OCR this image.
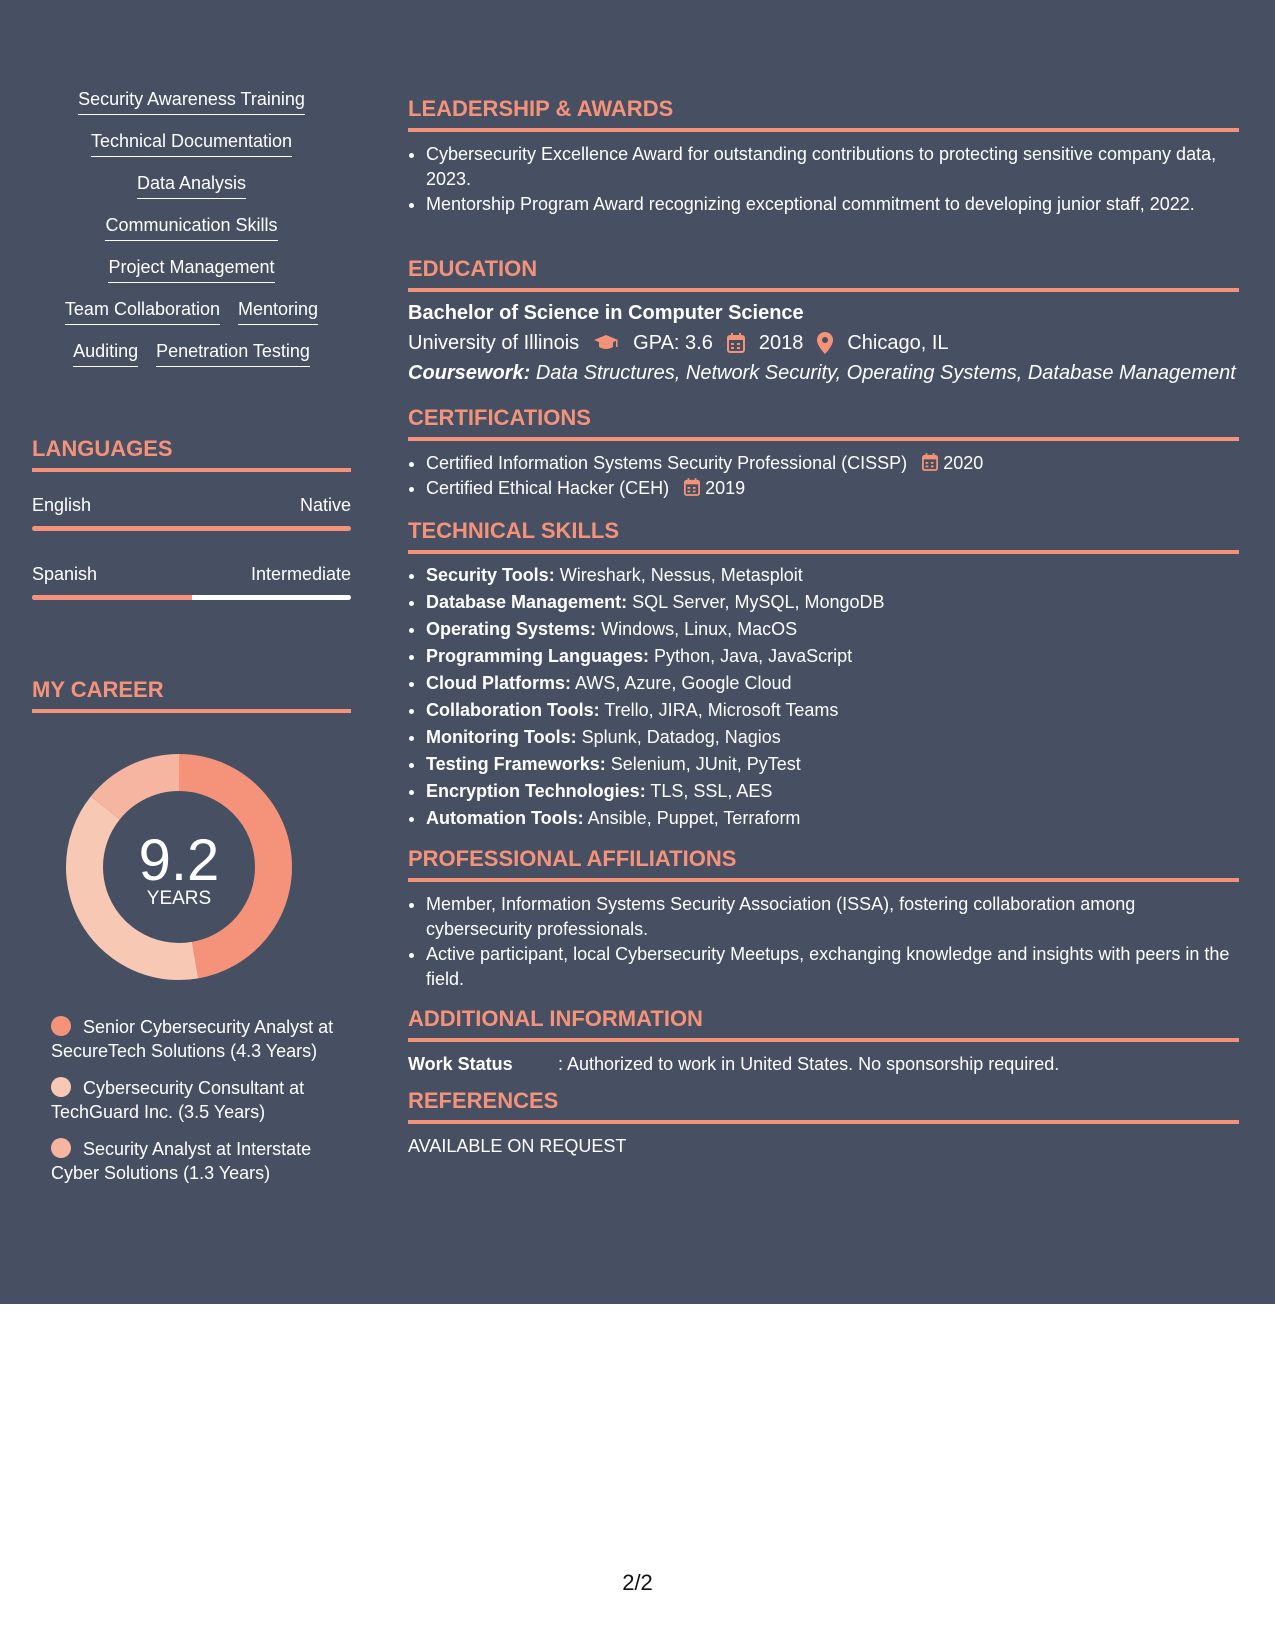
Security Awareness Training
Technical Documentation
Data Analysis
Communication Skills
Project Management
Team Collaboration Mentoring
Auditing Penetration Testing
LANGUAGES
English	Native
Spanish	Intermediate
MY CAREER
9.2
YEARS
Senior Cybersecurity Analyst at SecureTech Solutions (4.3 Years)
Cybersecurity Consultant at TechGuard Inc. (3.5 Years)
Security Analyst at Interstate Cyber Solutions (1.3 Years)
LEADERSHIP & AWARDS
• Cybersecurity Excellence Award for outstanding contributions to protecting sensitive company data, 2023.
• Mentorship Program Award recognizing exceptional commitment to developing junior staff, 2022.
EDUCATION
Bachelor of Science in Computer Science
University of Illinois	GPA: 3.6 2018 Chicago, IL
Coursework: Data Structures, Network Security, Operating Systems, Database Management
CERTIFICATIONS
• Certified Information Systems Security Professional (CISSP) 2020
• Certified Ethical Hacker (CEH) 2019
TECHNICAL SKILLS
• Security Tools: Wireshark, Nessus, Metasploit
• Database Management: SQL Server, MySQL, MongoDB
• Operating Systems: Windows, Linux, MacOS
• Programming Languages: Python, Java, JavaScript
• Cloud Platforms: AWS, Azure, Google Cloud
• Collaboration Tools: Trello, JIRA, Microsoft Teams
• Monitoring Tools: Splunk, Datadog, Nagios
• Testing Frameworks: Selenium, JUnit, PyTest
• Encryption Technologies: TLS, SSL, AES
• Automation Tools: Ansible, Puppet, Terraform
PROFESSIONAL AFFILIATIONS
• Member, Information Systems Security Association (ISSA), fostering collaboration among cybersecurity professionals.
• Active participant, local Cybersecurity Meetups, exchanging knowledge and insights with peers in the field.
ADDITIONAL INFORMATION
Work Status	: Authorized to work in United States. No sponsorship required.
REFERENCES
AVAILABLE ON REQUEST
2/2
